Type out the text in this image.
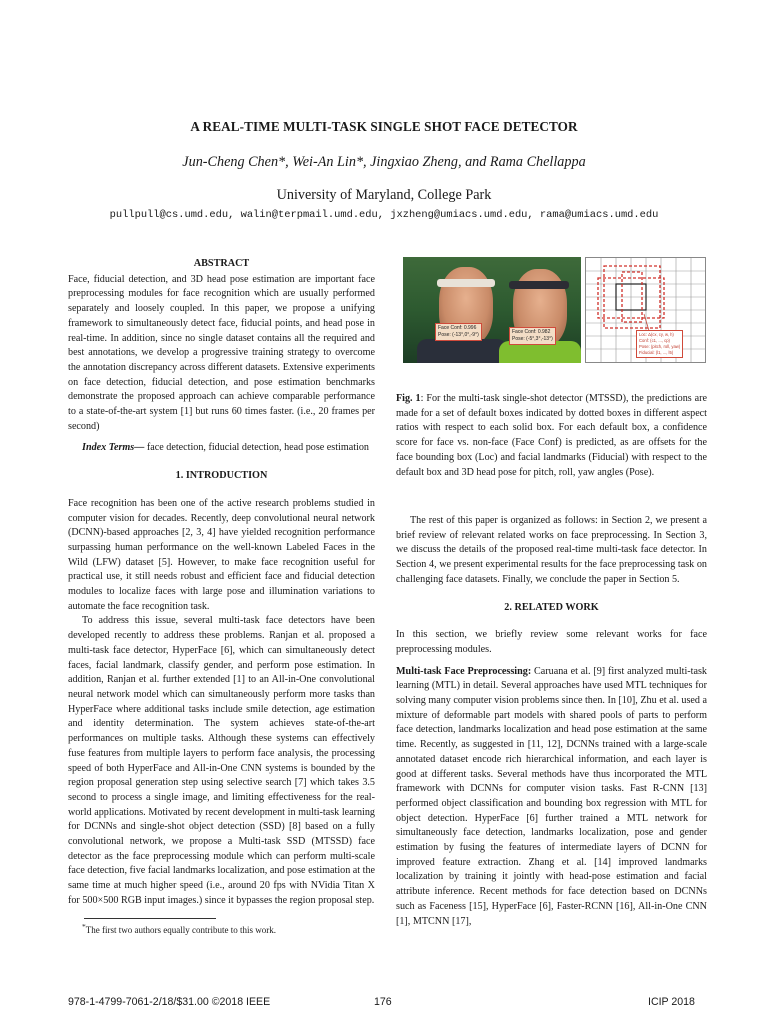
A REAL-TIME MULTI-TASK SINGLE SHOT FACE DETECTOR
Jun-Cheng Chen*, Wei-An Lin*, Jingxiao Zheng, and Rama Chellappa
University of Maryland, College Park
pullpull@cs.umd.edu, walin@terpmail.umd.edu, jxzheng@umiacs.umd.edu, rama@umiacs.umd.edu

ABSTRACT

Face, fiducial detection, and 3D head pose estimation are important face preprocessing modules for face recognition which are usually performed separately and loosely coupled. In this paper, we propose a unifying framework to simultaneously detect face, fiducial points, and head pose in real-time. In addition, since no single dataset contains all the required and best annotations, we develop a progressive training strategy to overcome the annotation discrepancy across different datasets. Extensive experiments on face detection, fiducial detection, and pose estimation benchmarks demonstrate the proposed approach can achieve comparable performance to a state-of-the-art system [1] but runs 60 times faster. (i.e., 20 frames per second)

Index Terms— face detection, fiducial detection, head pose estimation

1. INTRODUCTION

Face recognition has been one of the active research problems studied in computer vision for decades. Recently, deep convolutional neural network (DCNN)-based approaches [2, 3, 4] have yielded recognition performance surpassing human performance on the well-known Labeled Faces in the Wild (LFW) dataset [5]. However, to make face recognition useful for practical use, it still needs robust and efficient face and fiducial detection modules to localize faces with large pose and illumination variations to automate the face recognition task.

To address this issue, several multi-task face detectors have been developed recently to address these problems. Ranjan et al. proposed a multi-task face detector, HyperFace [6], which can simultaneously detect faces, facial landmark, classify gender, and perform pose estimation. In addition, Ranjan et al. further extended [1] to an All-in-One convolutional neural network model which can simultaneously perform more tasks than HyperFace where additional tasks include smile detection, age estimation and identity determination. The system achieves state-of-the-art performances on multiple tasks. Although these systems can effectively fuse features from multiple layers to perform face analysis, the processing speed of both HyperFace and All-in-One CNN systems is bounded by the region proposal generation step using selective search [7] which takes 3.5 second to process a single image, and limiting effectiveness for the real-world applications. Motivated by recent development in multi-task learning for DCNNs and single-shot object detection (SSD) [8] based on a fully convolutional network, we propose a Multi-task SSD (MTSSD) face detector as the face preprocessing module which can perform multi-scale face detection, five facial landmarks localization, and pose estimation at the same time at much higher speed (i.e., around 20 fps with NVidia Titan X for 500×500 RGB input images.) since it bypasses the region proposal step.

*The first two authors equally contribute to this work.
Face Conf: 0.996
Pose: (-13°,0°,-9°)	Face Conf: 0.982
Pose: (-5°,3°,-13°)
Loc: Δ(cx, cy, w, h)
Conf: (c1, ..., cp)
Pose: (pitch, roll, yaw)
Fiducial: (l1, ..., l5)
Fig. 1: For the multi-task single-shot detector (MTSSD), the predictions are made for a set of default boxes indicated by dotted boxes in different aspect ratios with respect to each solid box. For each default box, a confidence score for face vs. non-face (Face Conf) is predicted, as are offsets for the face bounding box (Loc) and facial landmarks (Fiducial) with respect to the default box and 3D head pose for pitch, roll, yaw angles (Pose).

The rest of this paper is organized as follows: in Section 2, we present a brief review of relevant related works on face preprocessing. In Section 3, we discuss the details of the proposed real-time multi-task face detector. In Section 4, we present experimental results for the face preprocessing task on challenging face datasets. Finally, we conclude the paper in Section 5.

2. RELATED WORK

In this section, we briefly review some relevant works for face preprocessing modules.

Multi-task Face Preprocessing: Caruana et al. [9] first analyzed multi-task learning (MTL) in detail. Several approaches have used MTL techniques for solving many computer vision problems since then. In [10], Zhu et al. used a mixture of deformable part models with shared pools of parts to perform face detection, landmarks localization and head pose estimation at the same time. Recently, as suggested in [11, 12], DCNNs trained with a large-scale annotated dataset encode rich hierarchical information, and each layer is good at different tasks. Several methods have thus incorporated the MTL framework with DCNNs for computer vision tasks. Fast R-CNN [13] performed object classification and bounding box regression with MTL for object detection. HyperFace [6] further trained a MTL network for simultaneously face detection, landmarks localization, pose and gender estimation by fusing the features of intermediate layers of DCNN for improved feature extraction. Zhang et al. [14] improved landmarks localization by training it jointly with head-pose estimation and facial attribute inference. Recent methods for face detection based on DCNNs such as Faceness [15], HyperFace [6], Faster-RCNN [16], All-in-One CNN [1], MTCNN [17],

978-1-4799-7061-2/18/$31.00 ©2018 IEEE	176	ICIP 2018
